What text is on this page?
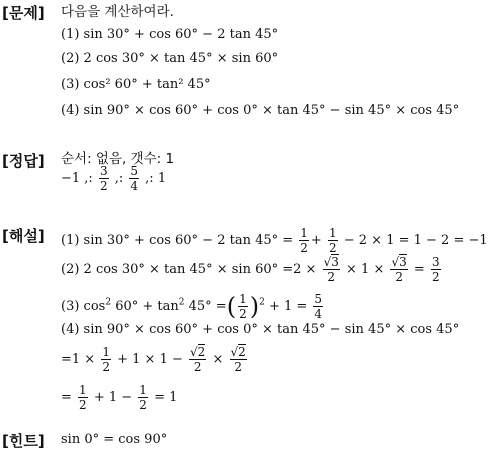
[문제]
[정답]
[해설]
[힌트]
다음을 계산하여라.
(1) sin 30° + cos 60° − 2 tan 45°
(2) 2 cos 30° × tan 45° × sin 60°
(3) cos² 60° + tan² 45°
(4) sin 90° × cos 60° + cos 0° × tan 45° − sin 45° × cos 45°
순서: 없음, 갯수: 1
−1 ,: $\frac{3}{2}$ ,: $\frac{5}{4}$ ,: 1
(1) sin 30° + cos 60° − 2 $\tan 45^\circ = \frac{1}{2} + \frac{1}{2} - 2 \times 1 = 1 - 2 = -1$
(2) 2 $\cos 30^\circ \times \tan 45^\circ \times \sin 60^\circ =2 \times \frac{√3}{2} \times 1 \times \frac{√3}{2} = \frac{3}{2}$
(3) $\cos^2 60^\circ + \tan^2 45^\circ$ =( $\frac{1}{2} )^2 + 1 = \frac{5}{4}$
(4) sin 90° × cos 60° + cos 0° × tan 45° − sin 45° × cos 45°
$=1 \times \frac{1}{2} + 1 \times 1 - \frac{√2}{2} \times \frac{√2}{2}$
= $\frac{1}{2} + 1 - \frac{1}{2} = 1$
sin 0° = cos 90°
